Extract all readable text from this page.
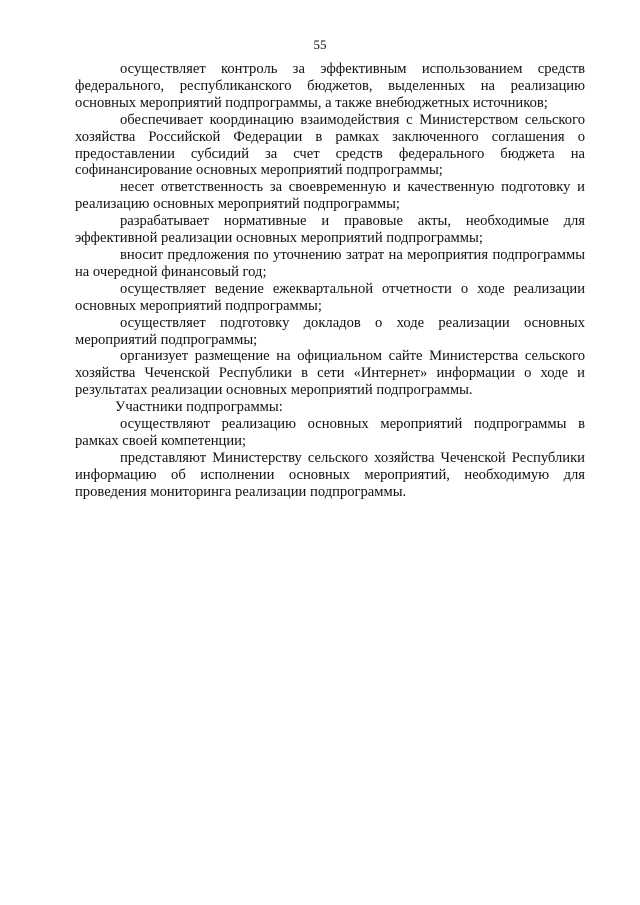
55

осуществляет контроль за эффективным использованием средств федерального, республиканского бюджетов, выделенных на реализацию основных мероприятий подпрограммы, а также внебюджетных источников;

обеспечивает координацию взаимодействия с Министерством сельского хозяйства Российской Федерации в рамках заключенного соглашения о предоставлении субсидий за счет средств федерального бюджета на софинансирование основных мероприятий подпрограммы;

несет ответственность за своевременную и качественную подготовку и реализацию основных мероприятий подпрограммы;

разрабатывает нормативные и правовые акты, необходимые для эффективной реализации основных мероприятий подпрограммы;

вносит предложения по уточнению затрат на мероприятия подпрограммы на очередной финансовый год;

осуществляет ведение ежеквартальной отчетности о ходе реализации основных мероприятий подпрограммы;

осуществляет подготовку докладов о ходе реализации основных мероприятий подпрограммы;

организует размещение на официальном сайте Министерства сельского хозяйства Чеченской Республики в сети «Интернет» информации о ходе и результатах реализации основных мероприятий подпрограммы.

Участники подпрограммы:

осуществляют реализацию основных мероприятий подпрограммы в рамках своей компетенции;

представляют Министерству сельского хозяйства Чеченской Республики информацию об исполнении основных мероприятий, необходимую для проведения мониторинга реализации подпрограммы.
